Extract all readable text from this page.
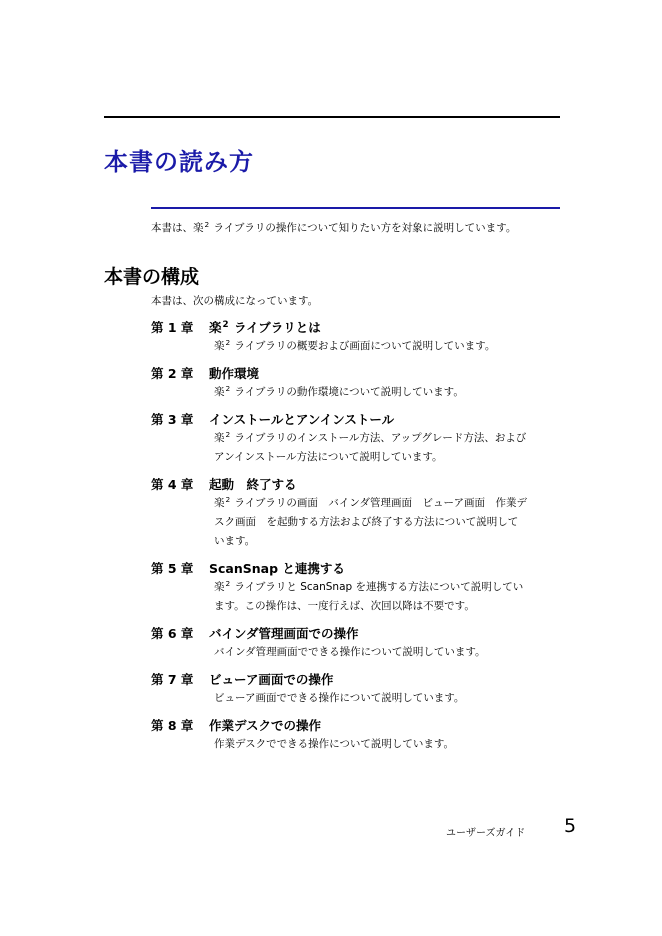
本書の読み方
本書は、楽$^2$ ライブラリの操作について知りたい方を対象に説明しています。
本書の構成
本書は、次の構成になっています。
第 1 章	楽$^2$ ライブラリとは
楽$^2$ ライブラリの概要および画面について説明しています。
第 2 章	動作環境
楽$^2$ ライブラリの動作環境について説明しています。
第 3 章	インストールとアンインストール
楽$^2$ ライブラリのインストール方法、アップグレード方法、および
アンインストール方法について説明しています。
第 4 章	起動　終了する
楽$^2$ ライブラリの画面　バインダ管理画面　ビューア画面　作業デ
スク画面　を起動する方法および終了する方法について説明して
います。
第 5 章	ScanSnap と連携する
楽$^2$ ライブラリと ScanSnap を連携する方法について説明してい
ます。この操作は、一度行えば、次回以降は不要です。
第 6 章	バインダ管理画面での操作
バインダ管理画面でできる操作について説明しています。
第 7 章	ビューア画面での操作
ビューア画面でできる操作について説明しています。
第 8 章	作業デスクでの操作
作業デスクでできる操作について説明しています。
ユーザーズガイド 5
